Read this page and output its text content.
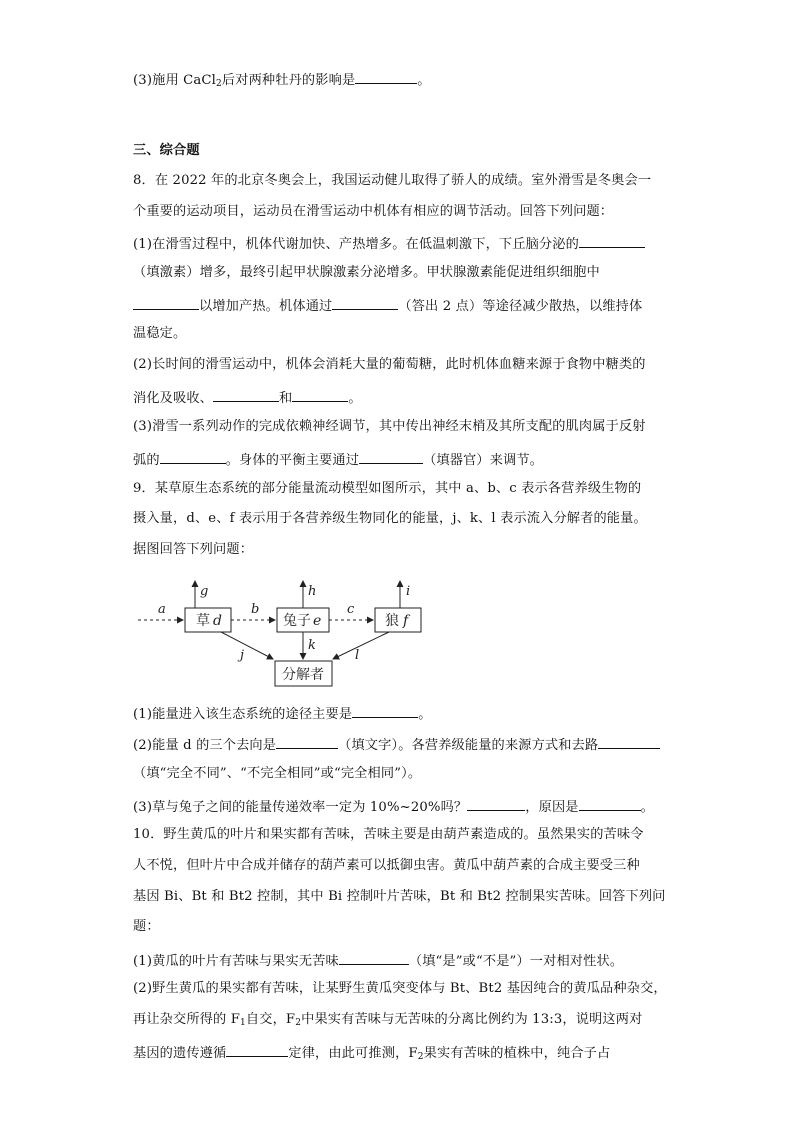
(3)施用 CaCl$_2$后对两种牡丹的影响是	。
三、综合题
8．在 2022 年的北京冬奥会上，我国运动健儿取得了骄人的成绩。室外滑雪是冬奥会一
个重要的运动项目，运动员在滑雪运动中机体有相应的调节活动。回答下列问题：
(1)在滑雪过程中，机体代谢加快、产热增多。在低温刺激下，下丘脑分泌的
（填激素）增多，最终引起甲状腺激素分泌增多。甲状腺激素能促进组织细胞中
以增加产热。机体通过	（答出 2 点）等途径减少散热，以维持体
温稳定。
(2)长时间的滑雪运动中，机体会消耗大量的葡萄糖，此时机体血糖来源于食物中糖类的
消化及吸收、	和	。
(3)滑雪一系列动作的完成依赖神经调节，其中传出神经末梢及其所支配的肌肉属于反射
弧的	。身体的平衡主要通过	（填器官）来调节。
9．某草原生态系统的部分能量流动模型如图所示，其中 a、b、c 表示各营养级生物的
摄入量，d、e、f 表示用于各营养级生物同化的能量，j、k、l 表示流入分解者的能量。
据图回答下列问题：
a
草 d
g
b
兔子 e
h
c
狼 f
i
j
k
l
分解者
(1)能量进入该生态系统的途径主要是	。
(2)能量 d 的三个去向是	（填文字）。各营养级能量的来源方式和去路
（填“完全不同”、“不完全相同”或“完全相同”）。
(3)草与兔子之间的能量传递效率一定为 10%~20%吗？	，原因是	。
10．野生黄瓜的叶片和果实都有苦味，苦味主要是由葫芦素造成的。虽然果实的苦味令
人不悦，但叶片中合成并储存的葫芦素可以抵御虫害。黄瓜中葫芦素的合成主要受三种
基因 Bi、Bt 和 Bt2 控制，其中 Bi 控制叶片苦味，Bt 和 Bt2 控制果实苦味。回答下列问
题：
(1)黄瓜的叶片有苦味与果实无苦味	（填“是”或“不是”）一对相对性状。
(2)野生黄瓜的果实都有苦味，让某野生黄瓜突变体与 Bt、Bt2 基因纯合的黄瓜品种杂交，
再让杂交所得的 $F_1$自交，$F_2$中果实有苦味与无苦味的分离比例约为 13:3，说明这两对
基因的遗传遵循	定律，由此可推测，$F_2$果实有苦味的植株中，纯合子占
